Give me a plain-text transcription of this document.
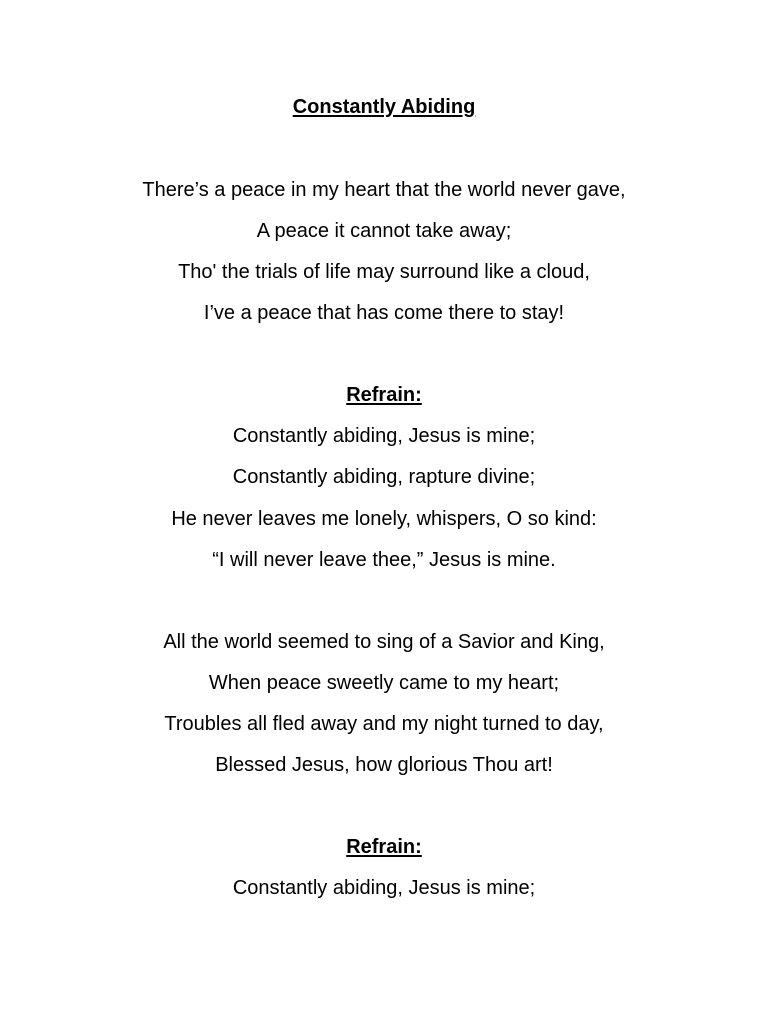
Constantly Abiding
There’s a peace in my heart that the world never gave,
A peace it cannot take away;
Tho' the trials of life may surround like a cloud,
I’ve a peace that has come there to stay!
Refrain:
Constantly abiding, Jesus is mine;
Constantly abiding, rapture divine;
He never leaves me lonely, whispers, O so kind:
“I will never leave thee,” Jesus is mine.
All the world seemed to sing of a Savior and King,
When peace sweetly came to my heart;
Troubles all fled away and my night turned to day,
Blessed Jesus, how glorious Thou art!
Refrain:
Constantly abiding, Jesus is mine;
